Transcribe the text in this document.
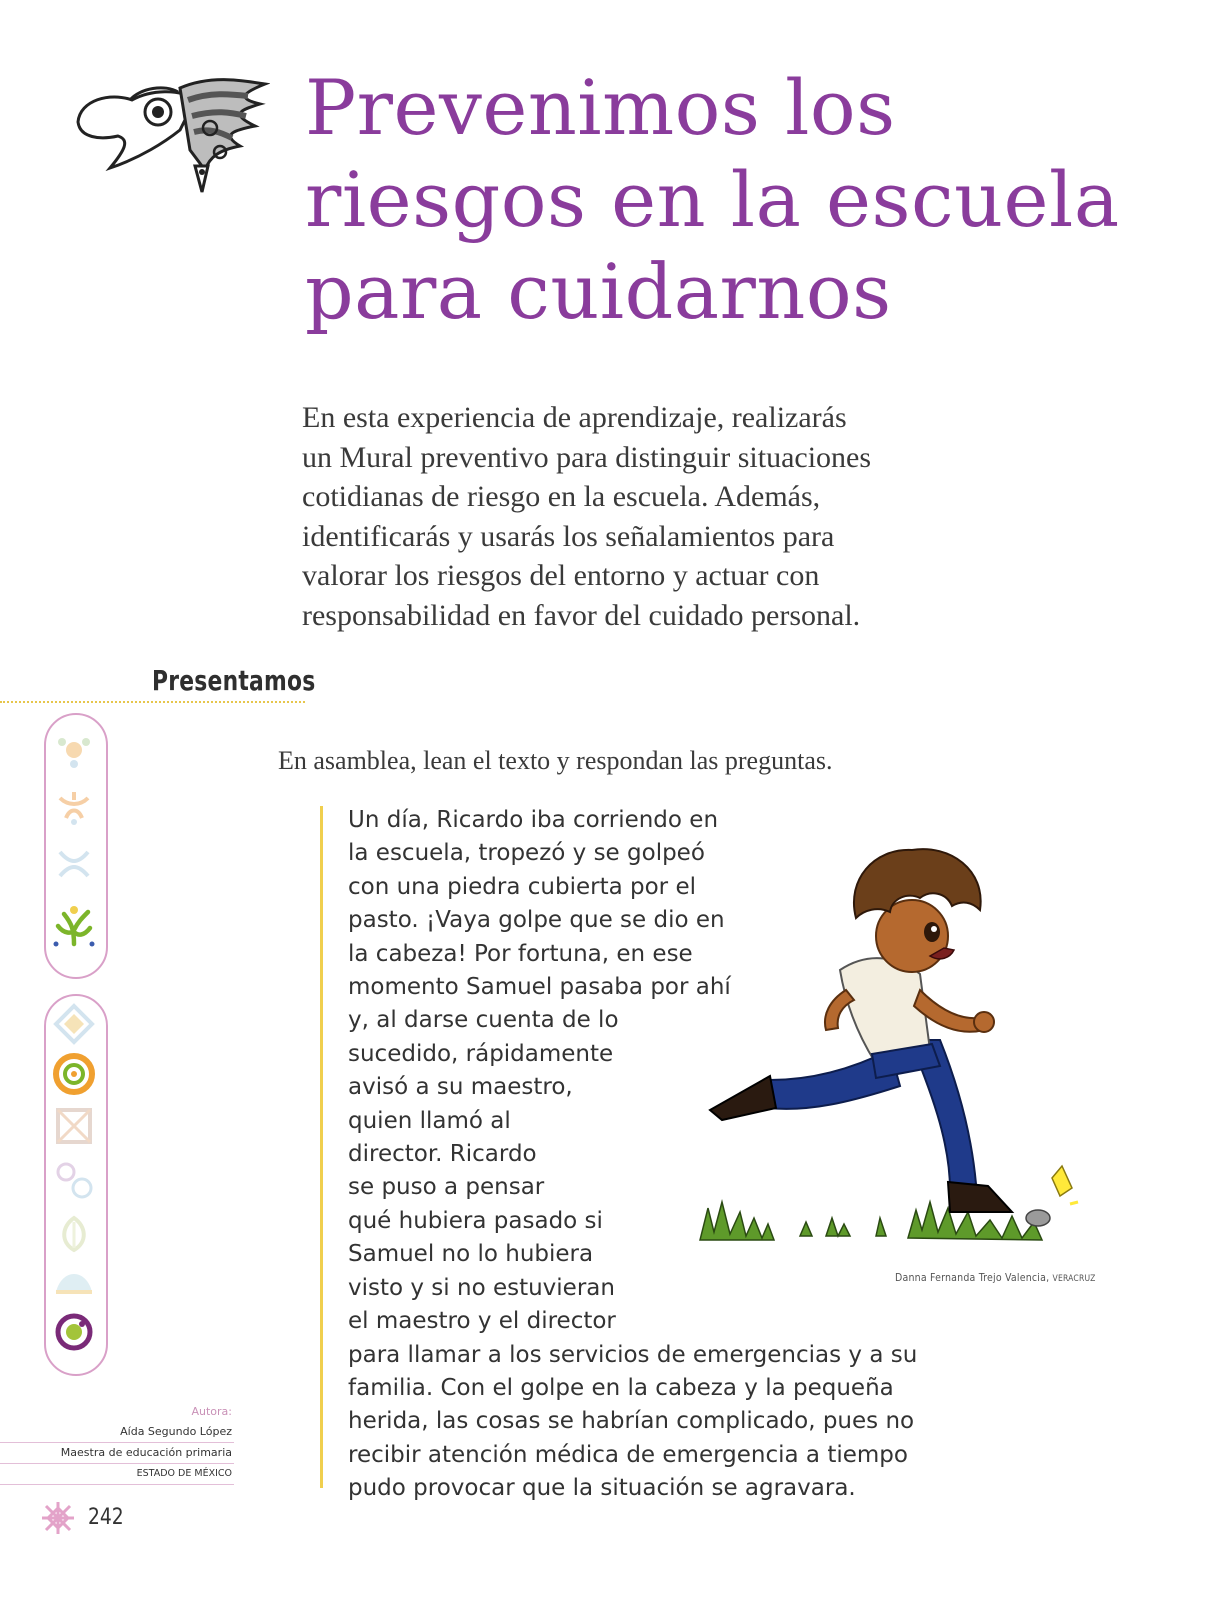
Prevenimos los
riesgos en la escuela
para cuidarnos

En esta experiencia de aprendizaje, realizarás
un Mural preventivo para distinguir situaciones
cotidianas de riesgo en la escuela. Además,
identificarás y usarás los señalamientos para
valorar los riesgos del entorno y actuar con
responsabilidad en favor del cuidado personal.

Presentamos
En asamblea, lean el texto y respondan las preguntas.
Un día, Ricardo iba corriendo en
la escuela, tropezó y se golpeó
con una piedra cubierta por el
pasto. ¡Vaya golpe que se dio en
la cabeza! Por fortuna, en ese
momento Samuel pasaba por ahí
y, al darse cuenta de lo
sucedido, rápidamente
avisó a su maestro,
quien llamó al
director. Ricardo
se puso a pensar
qué hubiera pasado si
Samuel no lo hubiera
visto y si no estuvieran
el maestro y el director
para llamar a los servicios de emergencias y a su
familia. Con el golpe en la cabeza y la pequeña
herida, las cosas se habrían complicado, pues no
recibir atención médica de emergencia a tiempo
pudo provocar que la situación se agravara.
Danna Fernanda Trejo Valencia, VERACRUZ
Autora:
Aída Segundo López
Maestra de educación primaria
ESTADO DE MÉXICO
242
